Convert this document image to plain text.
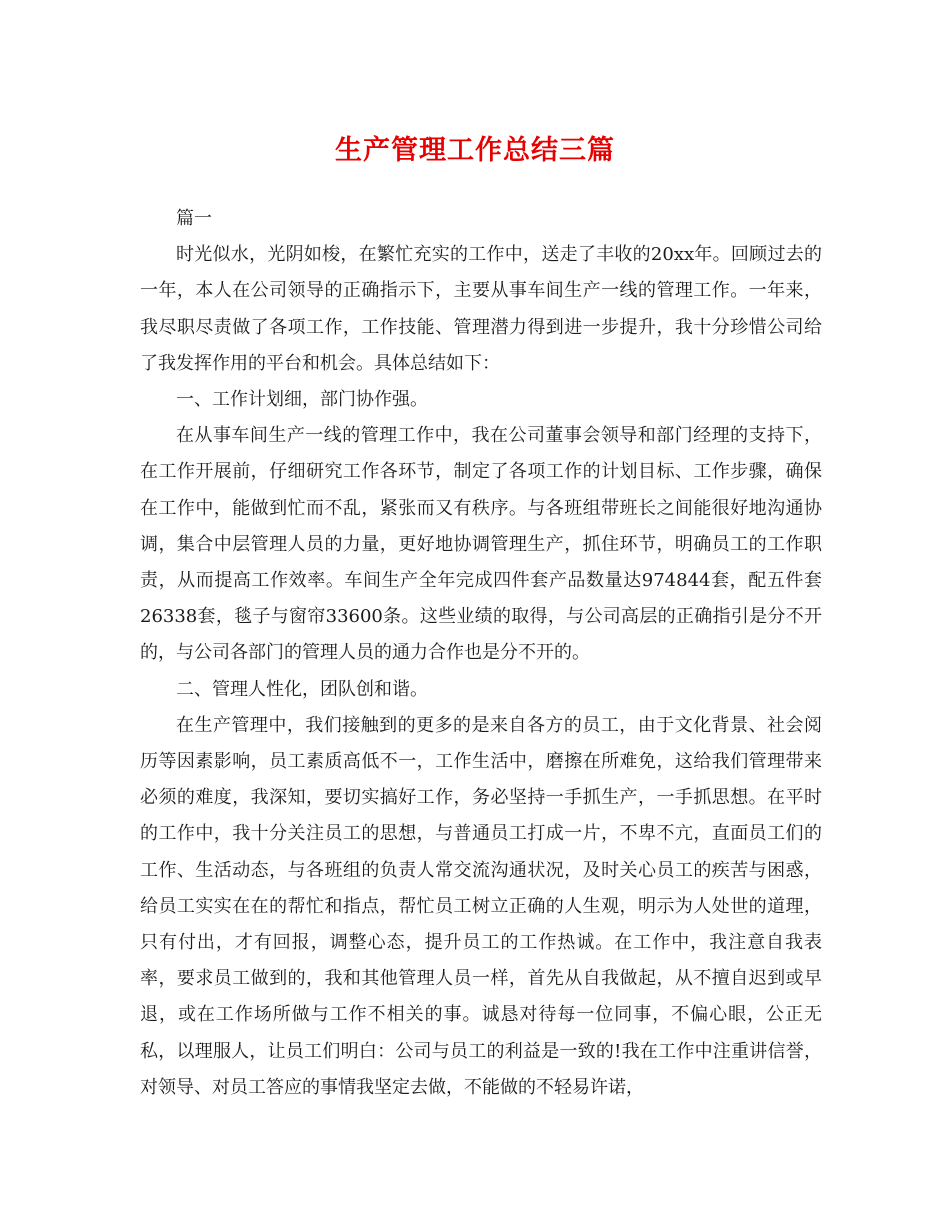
生产管理工作总结三篇

篇一

时光似水，光阴如梭，在繁忙充实的工作中，送走了丰收的20xx年。回顾过去的一年，本人在公司领导的正确指示下，主要从事车间生产一线的管理工作。一年来，我尽职尽责做了各项工作，工作技能、管理潜力得到进一步提升，我十分珍惜公司给了我发挥作用的平台和机会。具体总结如下：

一、工作计划细，部门协作强。

在从事车间生产一线的管理工作中，我在公司董事会领导和部门经理的支持下，在工作开展前，仔细研究工作各环节，制定了各项工作的计划目标、工作步骤，确保在工作中，能做到忙而不乱，紧张而又有秩序。与各班组带班长之间能很好地沟通协调，集合中层管理人员的力量，更好地协调管理生产，抓住环节，明确员工的工作职责，从而提高工作效率。车间生产全年完成四件套产品数量达974844套，配五件套26338套，毯子与窗帘33600条。这些业绩的取得，与公司高层的正确指引是分不开的，与公司各部门的管理人员的通力合作也是分不开的。

二、管理人性化，团队创和谐。

在生产管理中，我们接触到的更多的是来自各方的员工，由于文化背景、社会阅历等因素影响，员工素质高低不一，工作生活中，磨擦在所难免，这给我们管理带来必须的难度，我深知，要切实搞好工作，务必坚持一手抓生产，一手抓思想。在平时的工作中，我十分关注员工的思想，与普通员工打成一片，不卑不亢，直面员工们的工作、生活动态，与各班组的负责人常交流沟通状况，及时关心员工的疾苦与困惑，给员工实实在在的帮忙和指点，帮忙员工树立正确的人生观，明示为人处世的道理，只有付出，才有回报，调整心态，提升员工的工作热诚。在工作中，我注意自我表率，要求员工做到的，我和其他管理人员一样，首先从自我做起，从不擅自迟到或早退，或在工作场所做与工作不相关的事。诚恳对待每一位同事，不偏心眼，公正无私，以理服人，让员工们明白：公司与员工的利益是一致的!我在工作中注重讲信誉，对领导、对员工答应的事情我坚定去做，不能做的不轻易许诺，
